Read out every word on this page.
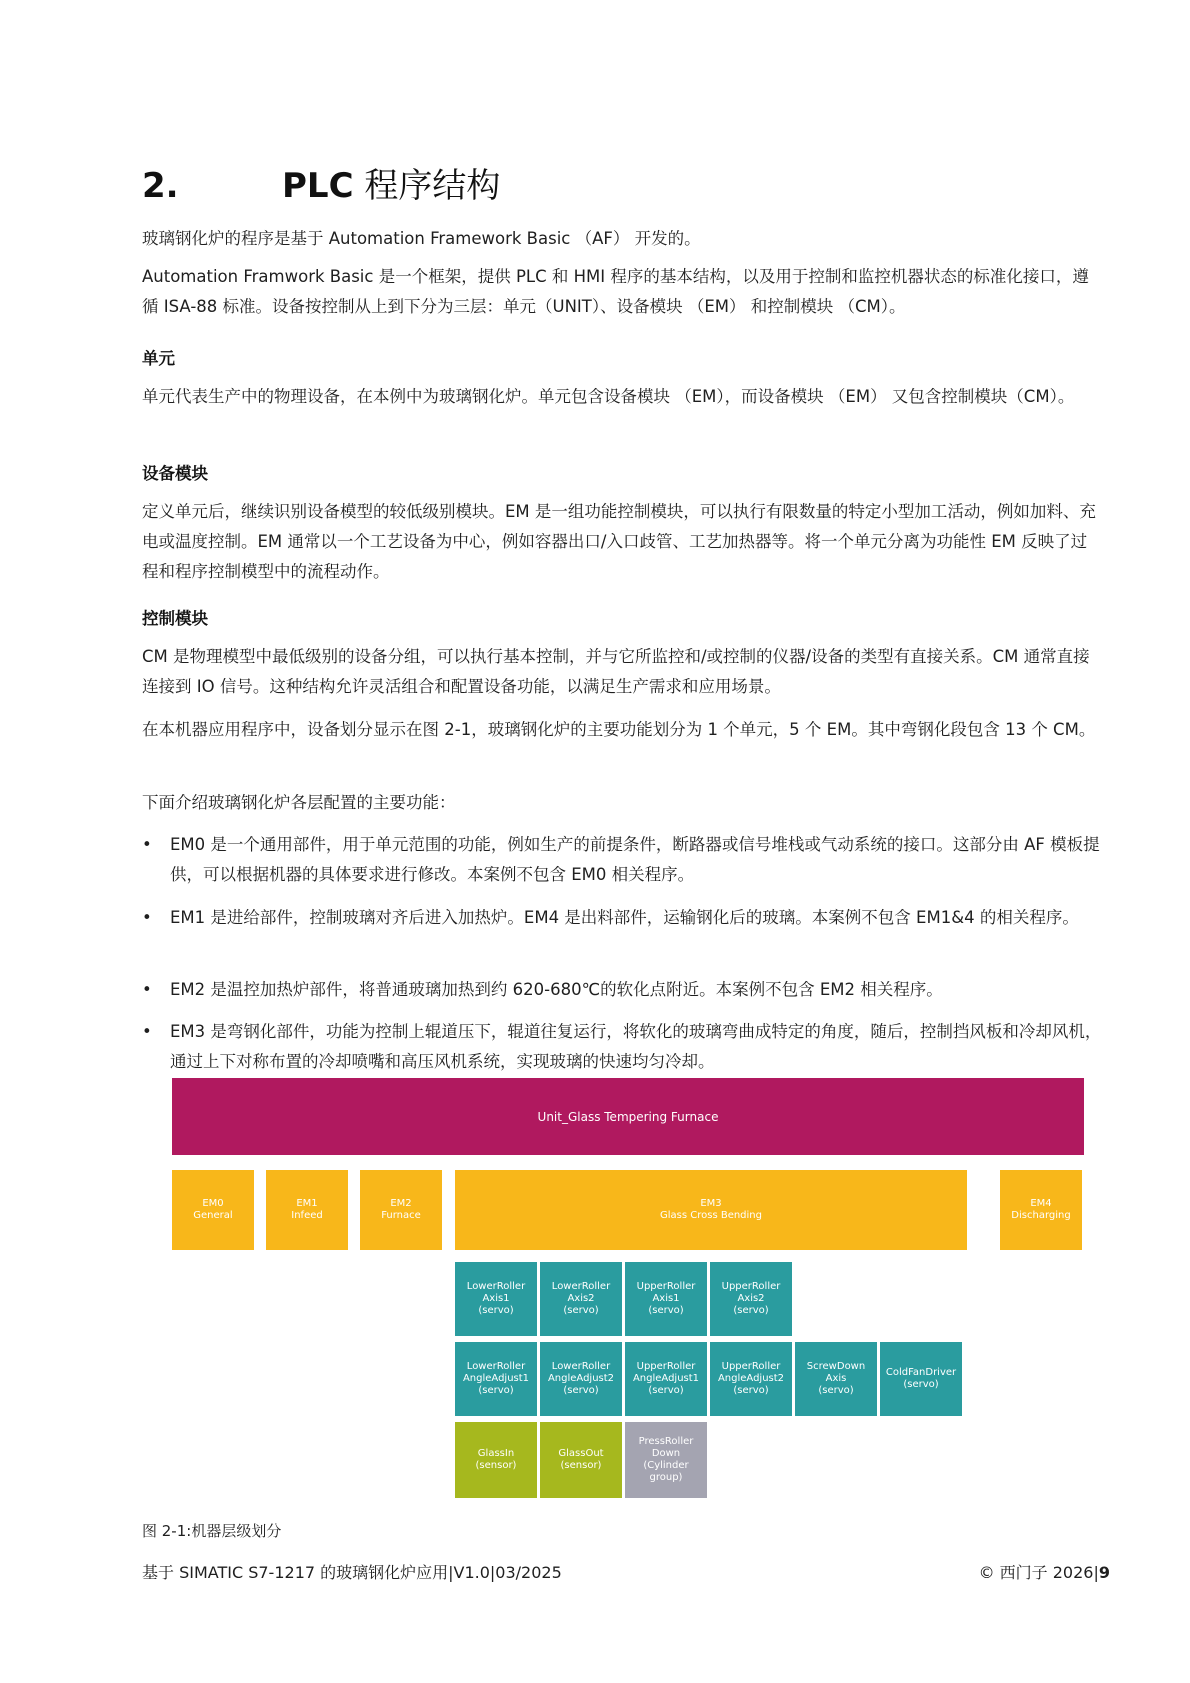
2.	PLC 程序结构
玻璃钢化炉的程序是基于 Automation Framework Basic （AF） 开发的。
Automation Framwork Basic 是一个框架，提供 PLC 和 HMI 程序的基本结构，以及用于控制和监控机器状态的标准化接口，遵循 ISA-88 标准。设备按控制从上到下分为三层：单元（UNIT）、设备模块 （EM） 和控制模块 （CM）。
单元
单元代表生产中的物理设备，在本例中为玻璃钢化炉。单元包含设备模块 （EM），而设备模块 （EM） 又包含控制模块（CM）。
设备模块
定义单元后，继续识别设备模型的较低级别模块。EM 是一组功能控制模块，可以执行有限数量的特定小型加工活动，例如加料、充电或温度控制。EM 通常以一个工艺设备为中心，例如容器出口/入口歧管、工艺加热器等。将一个单元分离为功能性 EM 反映了过程和程序控制模型中的流程动作。
控制模块
CM 是物理模型中最低级别的设备分组，可以执行基本控制，并与它所监控和/或控制的仪器/设备的类型有直接关系。CM 通常直接连接到 IO 信号。这种结构允许灵活组合和配置设备功能，以满足生产需求和应用场景。
在本机器应用程序中，设备划分显示在图 2-1，玻璃钢化炉的主要功能划分为 1 个单元，5 个 EM。其中弯钢化段包含 13 个 CM。
下面介绍玻璃钢化炉各层配置的主要功能：
• EM0 是一个通用部件，用于单元范围的功能，例如生产的前提条件，断路器或信号堆栈或气动系统的接口。这部分由 AF 模板提供，可以根据机器的具体要求进行修改。本案例不包含 EM0 相关程序。
• EM1 是进给部件，控制玻璃对齐后进入加热炉。EM4 是出料部件，运输钢化后的玻璃。本案例不包含 EM1&4 的相关程序。
• EM2 是温控加热炉部件，将普通玻璃加热到约 620-680℃的软化点附近。本案例不包含 EM2 相关程序。
• EM3 是弯钢化部件，功能为控制上辊道压下，辊道往复运行，将软化的玻璃弯曲成特定的角度，随后，控制挡风板和冷却风机，通过上下对称布置的冷却喷嘴和高压风机系统，实现玻璃的快速均匀冷却。
Unit_Glass Tempering Furnace
EM0
General
EM1
Infeed
EM2
Furnace
EM3
Glass Cross Bending
EM4
Discharging
LowerRoller
Axis1
(servo)
LowerRoller
Axis2
(servo)
UpperRoller
Axis1
(servo)
UpperRoller
Axis2
(servo)
LowerRoller
AngleAdjust1
(servo)
LowerRoller
AngleAdjust2
(servo)
UpperRoller
AngleAdjust1
(servo)
UpperRoller
AngleAdjust2
(servo)
ScrewDown
Axis
(servo)
ColdFanDriver
(servo)
GlassIn
(sensor)
GlassOut
(sensor)
PressRoller
Down
(Cylinder
group)
图 2-1:机器层级划分
基于 SIMATIC S7-1217 的玻璃钢化炉应用|V1.0|03/2025	© 西门子 2026|9
